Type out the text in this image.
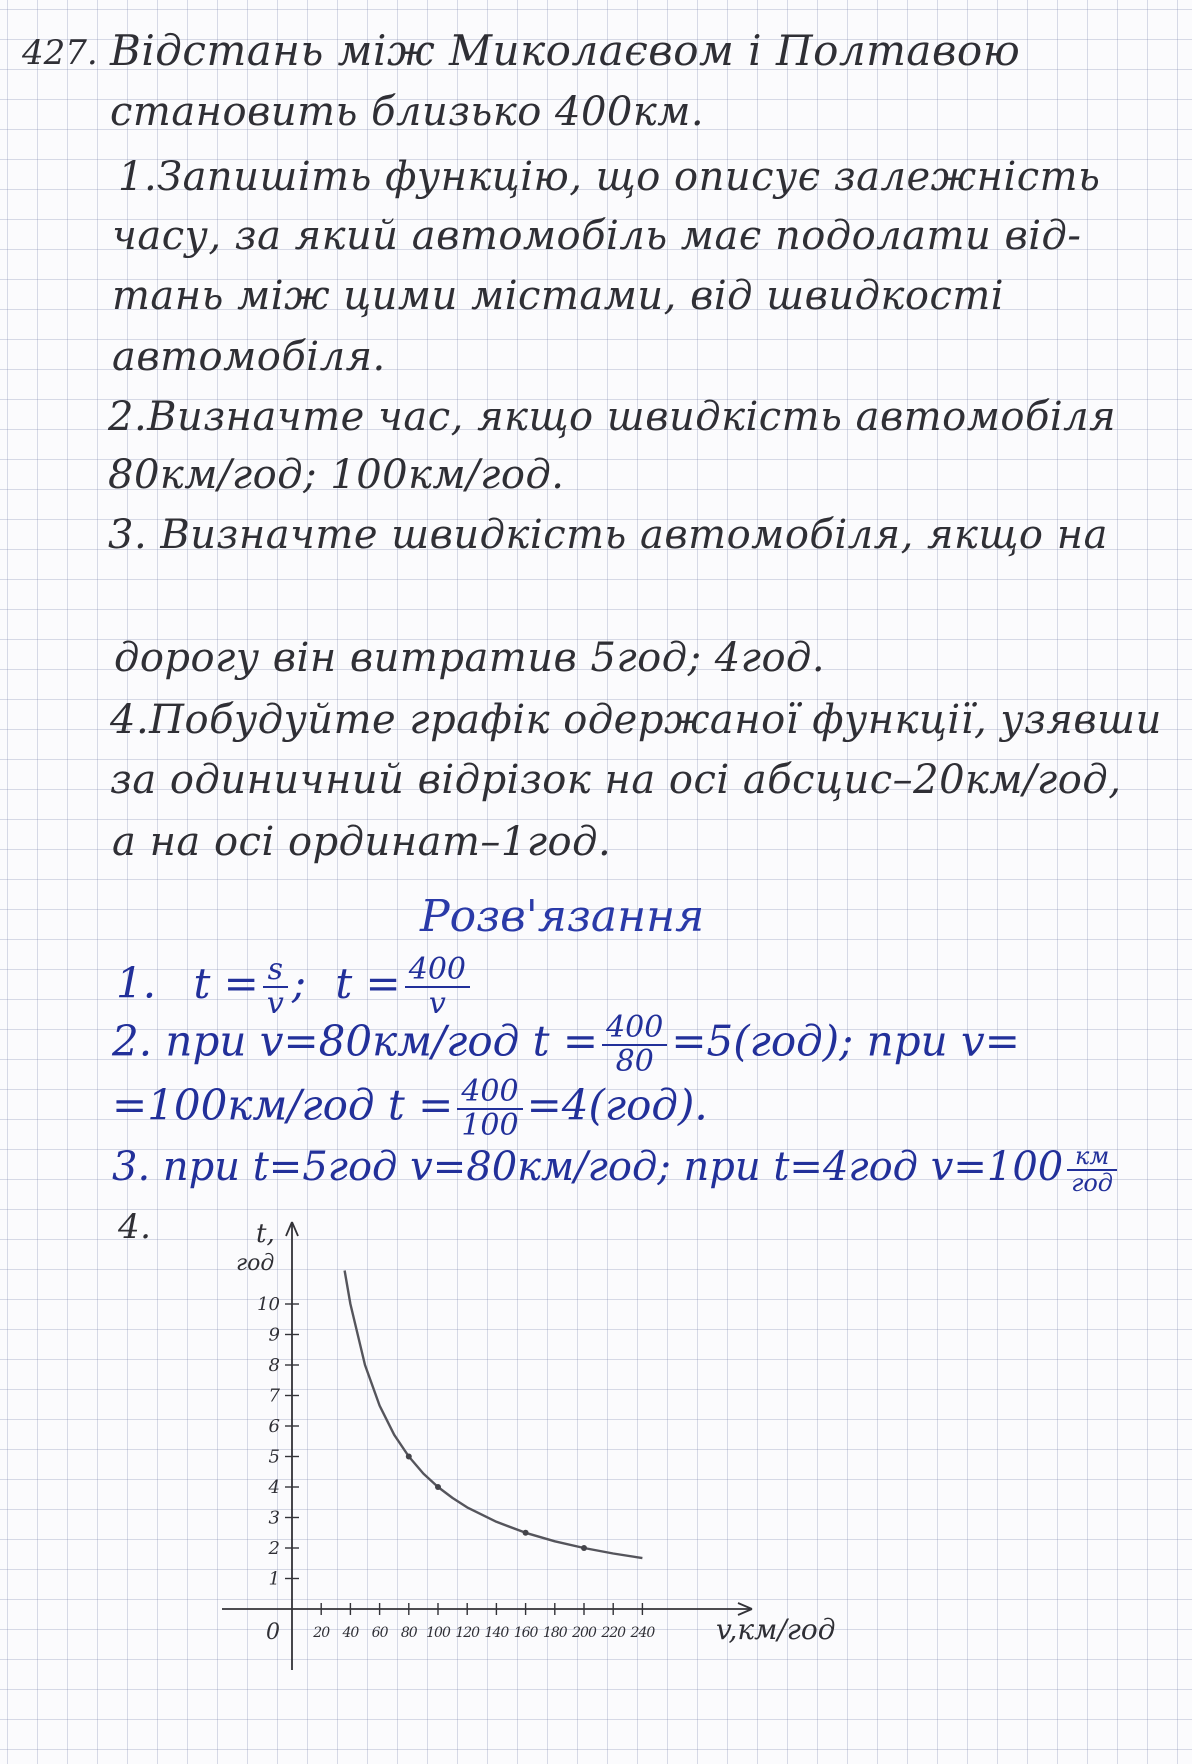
427. Відстань між Миколаєвом і Полтавою
становить близько 400км.
1.Запишіть функцію, що описує залежність
часу, за який автомобіль має подолати від-
тань між цими містами, від швидкості
автомобіля.
2.Визначте час, якщо швидкість автомобіля
80км/год; 100км/год.
3. Визначте швидкість автомобіля, якщо на
дорогу він витратив 5год; 4год.
4.Побудуйте графік одержаної функції, узявши
за одиничний відрізок на осі абсцис–20км/год,
а на осі ординат–1год.
Розв'язання
1. $t = \frac{s}{v}$ ; $t = \frac{400}{v}$
2. при v=80км/год $t = \frac{400}{80} =5(год)$; при v=
=100км/год $t = \frac{400}{100} =4(год)$.
3. при t=5год v=80км/год; при t=4год $v=100 \frac{км}{\text{год}}$
4.
20 40 60 80 100 120 140 160 180 200 220 240
1
2
3
4
5
6
7
8
9
10
0
t,
год
v,км/год
